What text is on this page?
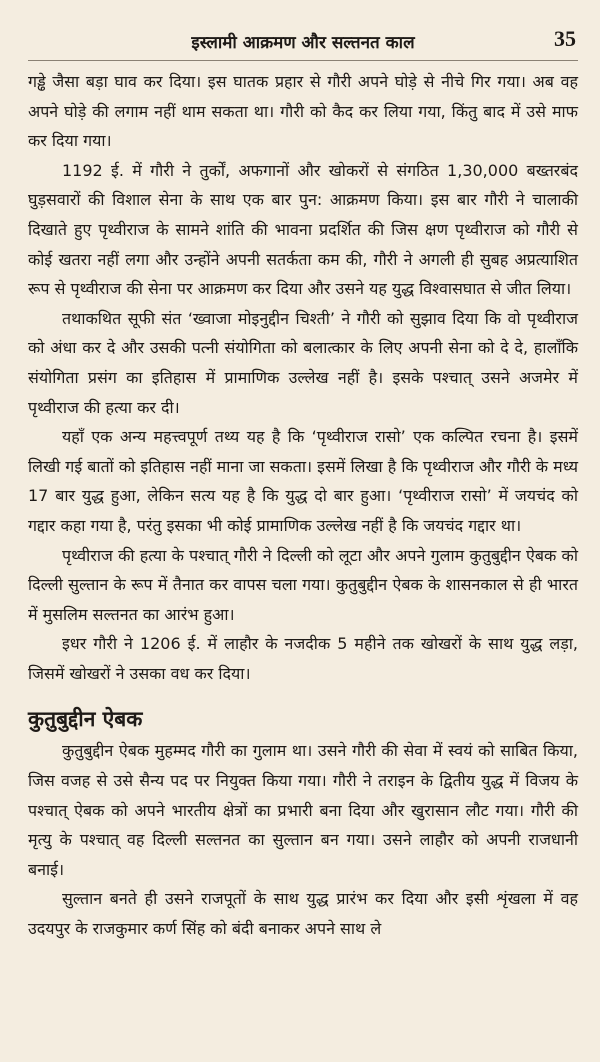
इस्लामी आक्रमण और सल्तनत काल	35

गड्ढे जैसा बड़ा घाव कर दिया। इस घातक प्रहार से गौरी अपने घोड़े से नीचे गिर गया। अब वह अपने घोड़े की लगाम नहीं थाम सकता था। गौरी को कैद कर लिया गया, किंतु बाद में उसे माफ कर दिया गया।

1192 ई. में गौरी ने तुर्कों, अफगानों और खोकरों से संगठित 1,30,000 बख्तरबंद घुड़सवारों की विशाल सेना के साथ एक बार पुन: आक्रमण किया। इस बार गौरी ने चालाकी दिखाते हुए पृथ्वीराज के सामने शांति की भावना प्रदर्शित की जिस क्षण पृथ्वीराज को गौरी से कोई खतरा नहीं लगा और उन्होंने अपनी सतर्कता कम की, गौरी ने अगली ही सुबह अप्रत्याशित रूप से पृथ्वीराज की सेना पर आक्रमण कर दिया और उसने यह युद्ध विश्वासघात से जीत लिया।

तथाकथित सूफी संत ‘ख्वाजा मोइनुद्दीन चिश्ती’ ने गौरी को सुझाव दिया कि वो पृथ्वीराज को अंधा कर दे और उसकी पत्नी संयोगिता को बलात्कार के लिए अपनी सेना को दे दे, हालाँकि संयोगिता प्रसंग का इतिहास में प्रामाणिक उल्लेख नहीं है। इसके पश्चात् उसने अजमेर में पृथ्वीराज की हत्या कर दी।

यहाँ एक अन्य महत्त्वपूर्ण तथ्य यह है कि ‘पृथ्वीराज रासो’ एक कल्पित रचना है। इसमें लिखी गई बातों को इतिहास नहीं माना जा सकता। इसमें लिखा है कि पृथ्वीराज और गौरी के मध्य 17 बार युद्ध हुआ, लेकिन सत्य यह है कि युद्ध दो बार हुआ। ‘पृथ्वीराज रासो’ में जयचंद को गद्दार कहा गया है, परंतु इसका भी कोई प्रामाणिक उल्लेख नहीं है कि जयचंद गद्दार था।

पृथ्वीराज की हत्या के पश्चात् गौरी ने दिल्ली को लूटा और अपने गुलाम कुतुबुद्दीन ऐबक को दिल्ली सुल्तान के रूप में तैनात कर वापस चला गया। कुतुबुद्दीन ऐबक के शासनकाल से ही भारत में मुसलिम सल्तनत का आरंभ हुआ।

इधर गौरी ने 1206 ई. में लाहौर के नजदीक 5 महीने तक खोखरों के साथ युद्ध लड़ा, जिसमें खोखरों ने उसका वध कर दिया।

कुतुबुद्दीन ऐबक

कुतुबुद्दीन ऐबक मुहम्मद गौरी का गुलाम था। उसने गौरी की सेवा में स्वयं को साबित किया, जिस वजह से उसे सैन्य पद पर नियुक्त किया गया। गौरी ने तराइन के द्वितीय युद्ध में विजय के पश्चात् ऐबक को अपने भारतीय क्षेत्रों का प्रभारी बना दिया और खुरासान लौट गया। गौरी की मृत्यु के पश्चात् वह दिल्ली सल्तनत का सुल्तान बन गया। उसने लाहौर को अपनी राजधानी बनाई।

सुल्तान बनते ही उसने राजपूतों के साथ युद्ध प्रारंभ कर दिया और इसी शृंखला में वह उदयपुर के राजकुमार कर्ण सिंह को बंदी बनाकर अपने साथ ले
